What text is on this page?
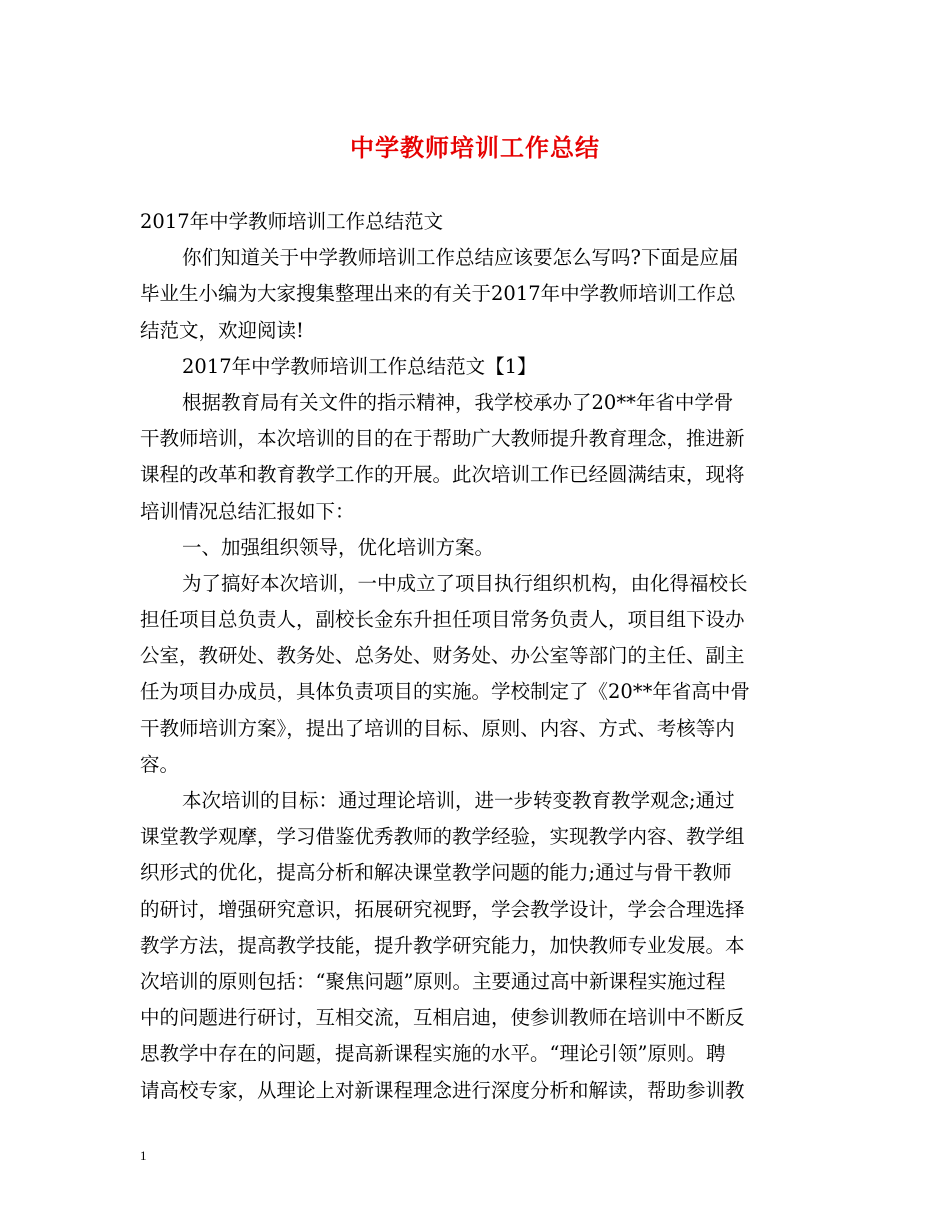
中学教师培训工作总结
2017年中学教师培训工作总结范文
你们知道关于中学教师培训工作总结应该要怎么写吗?下面是应届
毕业生小编为大家搜集整理出来的有关于2017年中学教师培训工作总
结范文，欢迎阅读!
2017年中学教师培训工作总结范文【1】
根据教育局有关文件的指示精神，我学校承办了20**年省中学骨
干教师培训，本次培训的目的在于帮助广大教师提升教育理念，推进新
课程的改革和教育教学工作的开展。此次培训工作已经圆满结束，现将
培训情况总结汇报如下：
一、加强组织领导，优化培训方案。
为了搞好本次培训，一中成立了项目执行组织机构，由化得福校长
担任项目总负责人，副校长金东升担任项目常务负责人，项目组下设办
公室，教研处、教务处、总务处、财务处、办公室等部门的主任、副主
任为项目办成员，具体负责项目的实施。学校制定了《20**年省高中骨
干教师培训方案》，提出了培训的目标、原则、内容、方式、考核等内
容。
本次培训的目标：通过理论培训，进一步转变教育教学观念;通过
课堂教学观摩，学习借鉴优秀教师的教学经验，实现教学内容、教学组
织形式的优化，提高分析和解决课堂教学问题的能力;通过与骨干教师
的研讨，增强研究意识，拓展研究视野，学会教学设计，学会合理选择
教学方法，提高教学技能，提升教学研究能力，加快教师专业发展。本
次培训的原则包括：“聚焦问题”原则。主要通过高中新课程实施过程
中的问题进行研讨，互相交流，互相启迪，使参训教师在培训中不断反
思教学中存在的问题，提高新课程实施的水平。“理论引领”原则。聘
请高校专家，从理论上对新课程理念进行深度分析和解读，帮助参训教
1
